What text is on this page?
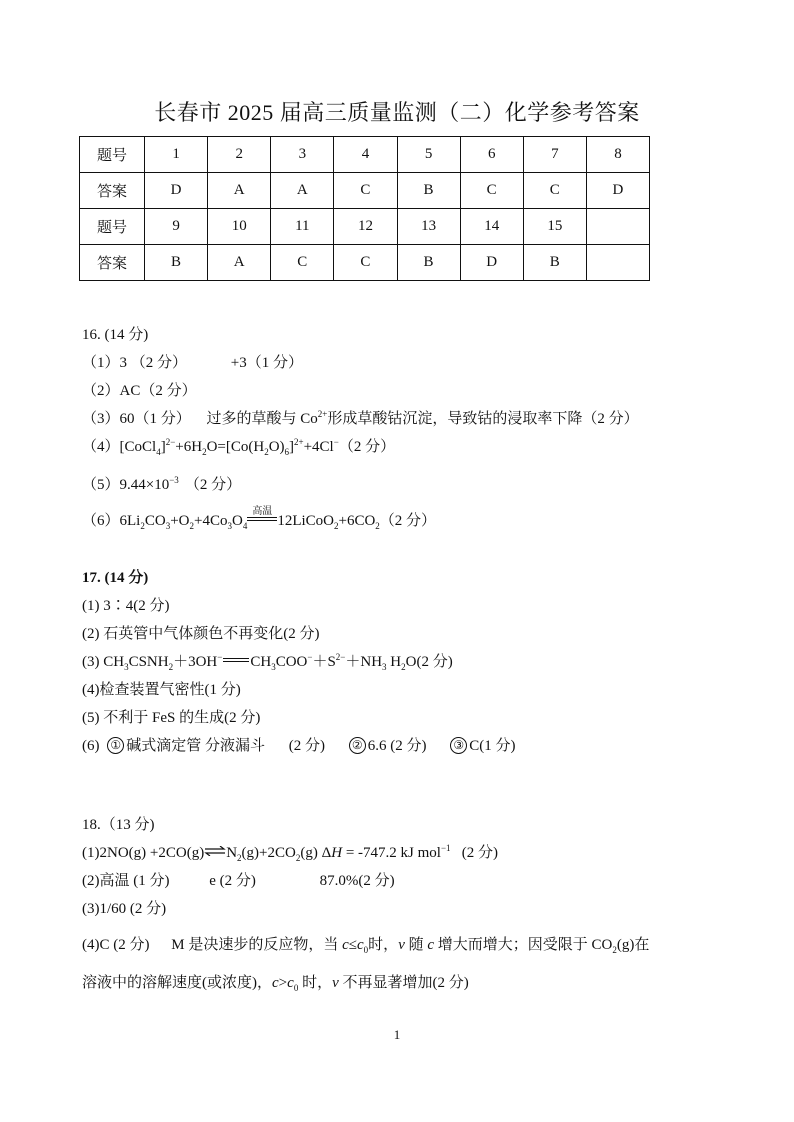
长春市 2025 届高三质量监测（二）化学参考答案
题号	1	2	3	4	5	6	7	8
答案	D	A	A	C	B	C	C	D
题号	9	10	11	12	13	14	15	
答案	B	A	C	C	B	D	B	
16. (14 分)
（1）3 （2 分）	+3（1 分）
（2）AC（2 分）
（3）60（1 分） 过多的草酸与 $Co^{2+}$形成草酸钴沉淀，导致钴的浸取率下降（2 分）
$(4)[CoCl_4]^{2-}+6H_2O=[Co(H_2O)_6]^{2+}+4Cl^-(2$ 分）
$(5)9.44\times 10^{-3}$ （2 分）
$(6)6Li_2CO_3+O_2+4Co_3O_4$
高温
$12LiCoO_2+6CO_2(2$ 分）
17. (14 分)
(1) 3∶4(2 分)
(2) 石英管中气体颜色不再变化(2 分)
(3) $CH_3CSNH_2+3OH^-$ $CH_3COO^-+S^{2-}+NH_3$ $H_2O(2$ 分)
(4)检查装置气密性(1 分)
(5) 不利于 FeS 的生成(2 分)
(6) ① 碱式滴定管 分液漏斗 (2 分) ② 6.6 (2 分) ③ C(1 分)
18.（13 分)
$(1)2NO(g) +2CO(g)\rightleftharpoons N_2(g)+2CO_2(g) \Delta H = -747.2$ kJ mol$^{-1}$   (2 分)
(2)高温 (1 分)	e (2 分)	87.0%(2 分)
(3)1/60 (2 分)
(4)C (2 分) M 是决速步的反应物，当 $c\le c_0$时，v 随 c 增大而增大；因受限于 $CO_2(g)$在
溶液中的溶解速度(或浓度)，$c>c_0$ 时，v 不再显著增加(2 分)
1
